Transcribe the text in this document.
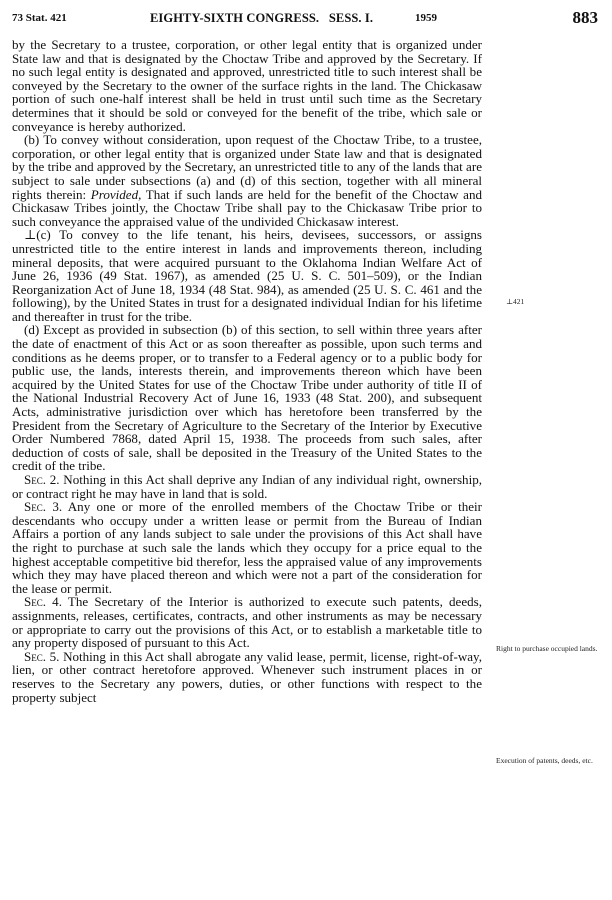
73 Stat. 421	EIGHTY-SIXTH CONGRESS.   SESS. I.	1959	883

by the Secretary to a trustee, corporation, or other legal entity that is organized under State law and that is designated by the Choctaw Tribe and approved by the Secretary. If no such legal entity is designated and approved, unrestricted title to such interest shall be conveyed by the Secretary to the owner of the surface rights in the land. The Chickasaw portion of such one-half interest shall be held in trust until such time as the Secretary determines that it should be sold or conveyed for the benefit of the tribe, which sale or conveyance is hereby authorized.

(b) To convey without consideration, upon request of the Choctaw Tribe, to a trustee, corporation, or other legal entity that is organized under State law and that is designated by the tribe and approved by the Secretary, an unrestricted title to any of the lands that are subject to sale under subsections (a) and (d) of this section, together with all mineral rights therein: Provided, That if such lands are held for the benefit of the Choctaw and Chickasaw Tribes jointly, the Choctaw Tribe shall pay to the Chickasaw Tribe prior to such conveyance the appraised value of the undivided Chickasaw interest.

⊥(c) To convey to the life tenant, his heirs, devisees, successors, or assigns unrestricted title to the entire interest in lands and improvements thereon, including mineral deposits, that were acquired pursuant to the Oklahoma Indian Welfare Act of June 26, 1936 (49 Stat. 1967), as amended (25 U. S. C. 501–509), or the Indian Reorganization Act of June 18, 1934 (48 Stat. 984), as amended (25 U. S. C. 461 and the following), by the United States in trust for a designated individual Indian for his lifetime and thereafter in trust for the tribe.

(d) Except as provided in subsection (b) of this section, to sell within three years after the date of enactment of this Act or as soon thereafter as possible, upon such terms and conditions as he deems proper, or to transfer to a Federal agency or to a public body for public use, the lands, interests therein, and improvements thereon which have been acquired by the United States for use of the Choctaw Tribe under authority of title II of the National Industrial Recovery Act of June 16, 1933 (48 Stat. 200), and subsequent Acts, administrative jurisdiction over which has heretofore been transferred by the President from the Secretary of Agriculture to the Secretary of the Interior by Executive Order Numbered 7868, dated April 15, 1938. The proceeds from such sales, after deduction of costs of sale, shall be deposited in the Treasury of the United States to the credit of the tribe.

Sec. 2. Nothing in this Act shall deprive any Indian of any individual right, ownership, or contract right he may have in land that is sold.

Sec. 3. Any one or more of the enrolled members of the Choctaw Tribe or their descendants who occupy under a written lease or permit from the Bureau of Indian Affairs a portion of any lands subject to sale under the provisions of this Act shall have the right to purchase at such sale the lands which they occupy for a price equal to the highest acceptable competitive bid therefor, less the appraised value of any improvements which they may have placed thereon and which were not a part of the consideration for the lease or permit.

Sec. 4. The Secretary of the Interior is authorized to execute such patents, deeds, assignments, releases, certificates, contracts, and other instruments as may be necessary or appropriate to carry out the provisions of this Act, or to establish a marketable title to any property disposed of pursuant to this Act.

Sec. 5. Nothing in this Act shall abrogate any valid lease, permit, license, right-of-way, lien, or other contract heretofore approved. Whenever such instrument places in or reserves to the Secretary any powers, duties, or other functions with respect to the property subject

⊥421
Right to purchase occupied lands.
Execution of patents, deeds, etc.
